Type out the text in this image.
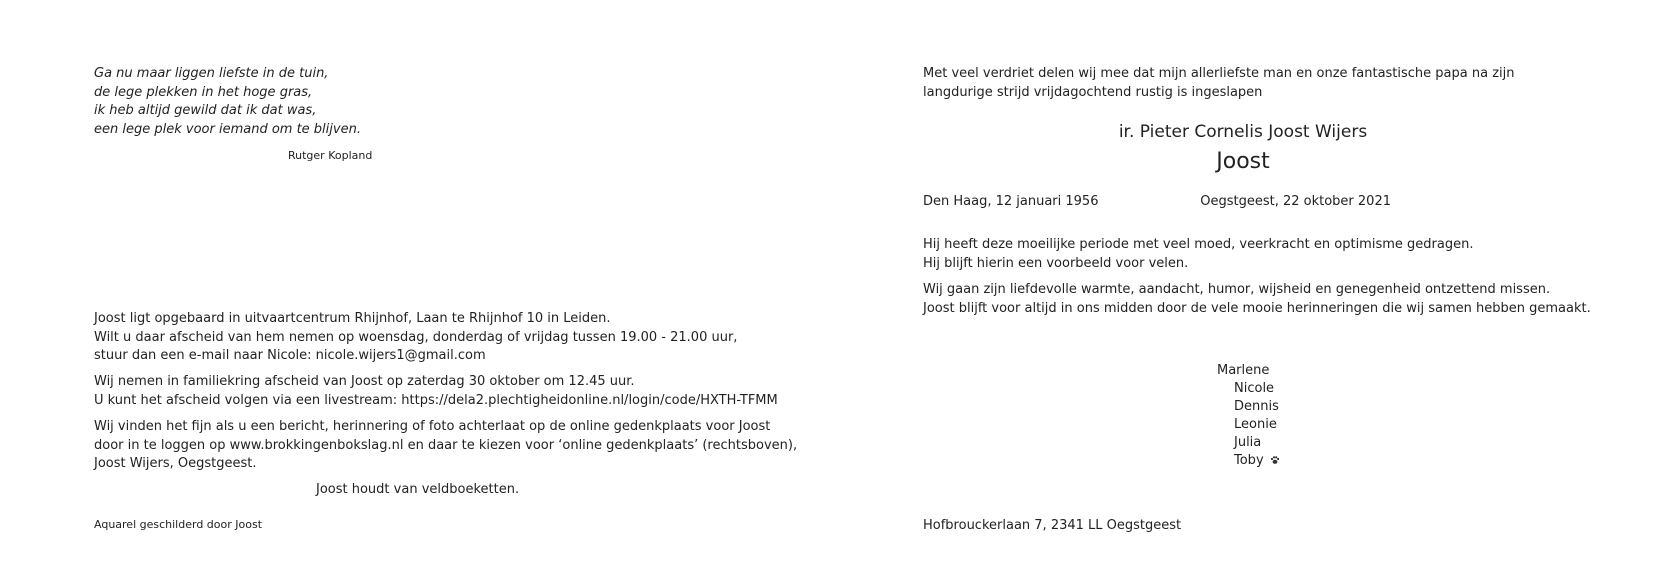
Ga nu maar liggen liefste in de tuin,
de lege plekken in het hoge gras,
ik heb altijd gewild dat ik dat was,
een lege plek voor iemand om te blijven.
Rutger Kopland
Joost ligt opgebaard in uitvaartcentrum Rhijnhof, Laan te Rhijnhof 10 in Leiden.
Wilt u daar afscheid van hem nemen op woensdag, donderdag of vrijdag tussen 19.00 - 21.00 uur,
stuur dan een e-mail naar Nicole: nicole.wijers1@gmail.com
Wij nemen in familiekring afscheid van Joost op zaterdag 30 oktober om 12.45 uur.
U kunt het afscheid volgen via een livestream: https://dela2.plechtigheidonline.nl/login/code/HXTH-TFMM
Wij vinden het fijn als u een bericht, herinnering of foto achterlaat op de online gedenkplaats voor Joost
door in te loggen op www.brokkingenbokslag.nl en daar te kiezen voor ‘online gedenkplaats’ (rechtsboven),
Joost Wijers, Oegstgeest.
Joost houdt van veldboeketten.
Aquarel geschilderd door Joost
Met veel verdriet delen wij mee dat mijn allerliefste man en onze fantastische papa na zijn langdurige strijd vrijdagochtend rustig is ingeslapen
ir. Pieter Cornelis Joost Wijers
Joost
Den Haag, 12 januari 1956	Oegstgeest, 22 oktober 2021
Hij heeft deze moeilijke periode met veel moed, veerkracht en optimisme gedragen.
Hij blijft hierin een voorbeeld voor velen.
Wij gaan zijn liefdevolle warmte, aandacht, humor, wijsheid en genegenheid ontzettend missen.
Joost blijft voor altijd in ons midden door de vele mooie herinneringen die wij samen hebben gemaakt.
Marlene
Nicole
Dennis
Leonie
Julia
Toby
Hofbrouckerlaan 7, 2341 LL Oegstgeest
